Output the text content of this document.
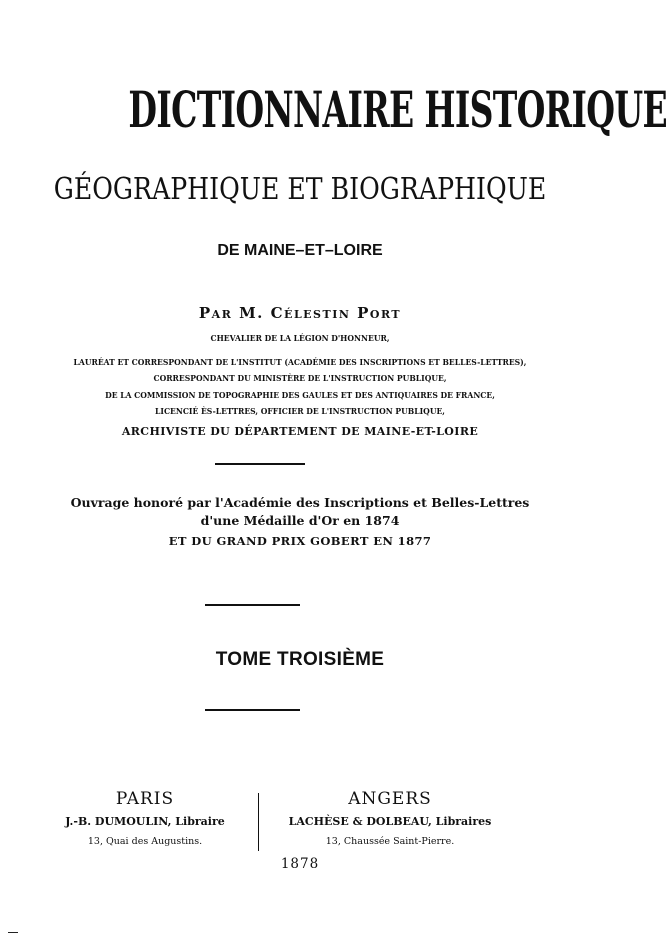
DICTIONNAIRE HISTORIQUE
GÉOGRAPHIQUE ET BIOGRAPHIQUE
DE MAINE–ET–LOIRE
Par M. Célestin Port
CHEVALIER DE LA LÉGION D'HONNEUR,
LAURÉAT ET CORRESPONDANT DE L'INSTITUT (ACADÉMIE DES INSCRIPTIONS ET BELLES-LETTRES),
CORRESPONDANT DU MINISTÈRE DE L'INSTRUCTION PUBLIQUE,
DE LA COMMISSION DE TOPOGRAPHIE DES GAULES ET DES ANTIQUAIRES DE FRANCE,
LICENCIÉ ÈS-LETTRES, OFFICIER DE L'INSTRUCTION PUBLIQUE,
ARCHIVISTE DU DÉPARTEMENT DE MAINE-ET-LOIRE
Ouvrage honoré par l'Académie des Inscriptions et Belles-Lettres
d'une Médaille d'Or en 1874
ET DU GRAND PRIX GOBERT EN 1877
TOME TROISIÈME
PARIS
J.-B. DUMOULIN, Libraire
13, Quai des Augustins.
ANGERS
LACHÈSE & DOLBEAU, Libraires
13, Chaussée Saint-Pierre.
1878
